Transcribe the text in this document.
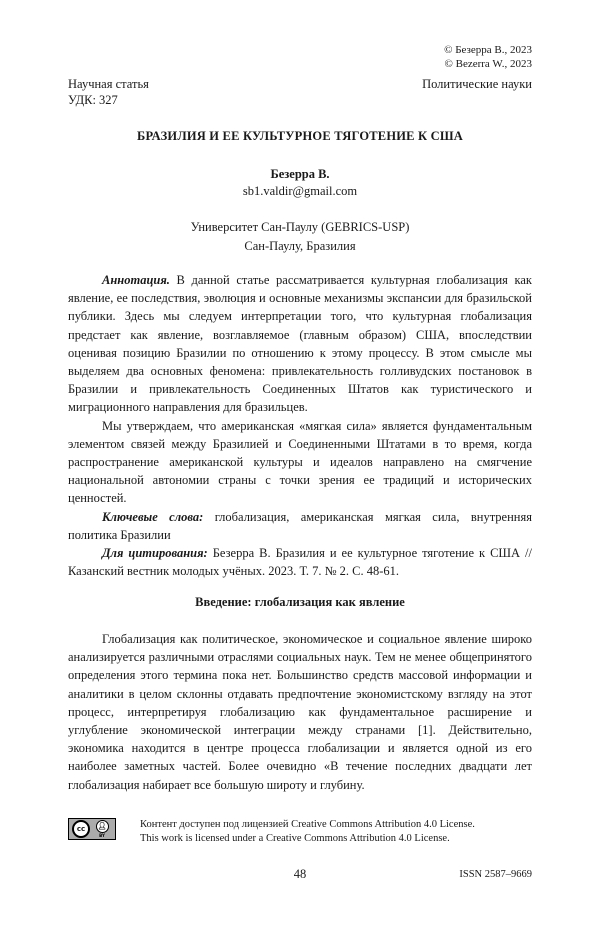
© Безерра В., 2023
© Bezerra W., 2023
Научная статья
УДК: 327
Политические науки
БРАЗИЛИЯ И ЕЕ КУЛЬТУРНОЕ ТЯГОТЕНИЕ К США
Безерра В.
sb1.valdir@gmail.com
Университет Сан-Паулу (GEBRICS-USP)
Сан-Паулу, Бразилия

Аннотация. В данной статье рассматривается культурная глобализация как явление, ее последствия, эволюция и основные механизмы экспансии для бразильской публики. Здесь мы следуем интерпретации того, что культурная глобализация предстает как явление, возглавляемое (главным образом) США, впоследствии оценивая позицию Бразилии по отношению к этому процессу. В этом смысле мы выделяем два основных феномена: привлекательность голливудских постановок в Бразилии и привлекательность Соединенных Штатов как туристического и миграционного направления для бразильцев.

Мы утверждаем, что американская «мягкая сила» является фундаментальным элементом связей между Бразилией и Соединенными Штатами в то время, когда распространение американской культуры и идеалов направлено на смягчение национальной автономии страны с точки зрения ее традиций и исторических ценностей.

Ключевые слова: глобализация, американская мягкая сила, внутренняя политика Бразилии

Для цитирования: Безерра В. Бразилия и ее культурное тяготение к США // Казанский вестник молодых учёных. 2023. Т. 7. № 2. С. 48-61.

Введение: глобализация как явление

Глобализация как политическое, экономическое и социальное явление широко анализируется различными отраслями социальных наук. Тем не менее общепринятого определения этого термина пока нет. Большинство средств массовой информации и аналитики в целом склонны отдавать предпочтение экономистскому взгляду на этот процесс, интерпретируя глобализацию как фундаментальное расширение и углубление экономической интеграции между странами [1]. Действительно, экономика находится в центре процесса глобализации и является одной из его наиболее заметных частей. Более очевидно «В течение последних двадцати лет глобализация набирает все большую широту и глубину.

cc	👤︎
BY
Контент доступен под лицензией Creative Commons Attribution 4.0 License.
This work is licensed under a Creative Commons Attribution 4.0 License.
48	ISSN 2587–9669
